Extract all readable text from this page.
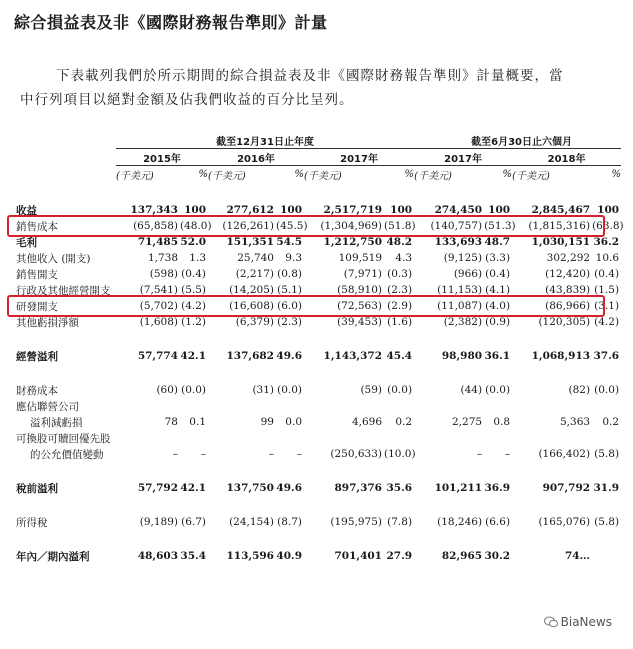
綜合損益表及非《國際財務報告準則》計量
下表載列我們於所示期間的綜合損益表及非《國際財務報告準則》計量概要，當
中行列項目以絕對金額及佔我們收益的百分比呈列。
	截至12月31日止年度						截至6月30日止六個月			
	2015年		2016年		2017年		2017年		2018年	
	(千美元)	%	(千美元)	%	(千美元)	%	(千美元)	%	(千美元)	%

收益	137,343	100	277,612	100	2,517,719	100	274,450	100	2,845,467	100
銷售成本	(65,858)	(48.0)	(126,261)	(45.5)	(1,304,969)	(51.8)	(140,757)	(51.3)	(1,815,316)	(63.8)
毛利	71,485	52.0	151,351	54.5	1,212,750	48.2	133,693	48.7	1,030,151	36.2
其他收入 (開支)	1,738	1.3	25,740	9.3	109,519	4.3	(9,125)	(3.3)	302,292	10.6
銷售開支	(598)	(0.4)	(2,217)	(0.8)	(7,971)	(0.3)	(966)	(0.4)	(12,420)	(0.4)
行政及其他經營開支	(7,541)	(5.5)	(14,205)	(5.1)	(58,910)	(2.3)	(11,153)	(4.1)	(43,839)	(1.5)
研發開支	(5,702)	(4.2)	(16,608)	(6.0)	(72,563)	(2.9)	(11,087)	(4.0)	(86,966)	(3.1)
其他虧損淨額	(1,608)	(1.2)	(6,379)	(2.3)	(39,453)	(1.6)	(2,382)	(0.9)	(120,305)	(4.2)

經營溢利	57,774	42.1	137,682	49.6	1,143,372	45.4	98,980	36.1	1,068,913	37.6

財務成本	(60)	(0.0)	(31)	(0.0)	(59)	(0.0)	(44)	(0.0)	(82)	(0.0)
應佔聯營公司										
溢利減虧損	78	0.1	99	0.0	4,696	0.2	2,275	0.8	5,363	0.2
可換股可贖回優先股										
的公允價值變動	–	–	–	–	(250,633)	(10.0)	–	–	(166,402)	(5.8)

稅前溢利	57,792	42.1	137,750	49.6	897,376	35.6	101,211	36.9	907,792	31.9

所得稅	(9,189)	(6.7)	(24,154)	(8.7)	(195,975)	(7.8)	(18,246)	(6.6)	(165,076)	(5.8)

年內／期內溢利	48,603	35.4	113,596	40.9	701,401	27.9	82,965	30.2	74…	
BiaNews
